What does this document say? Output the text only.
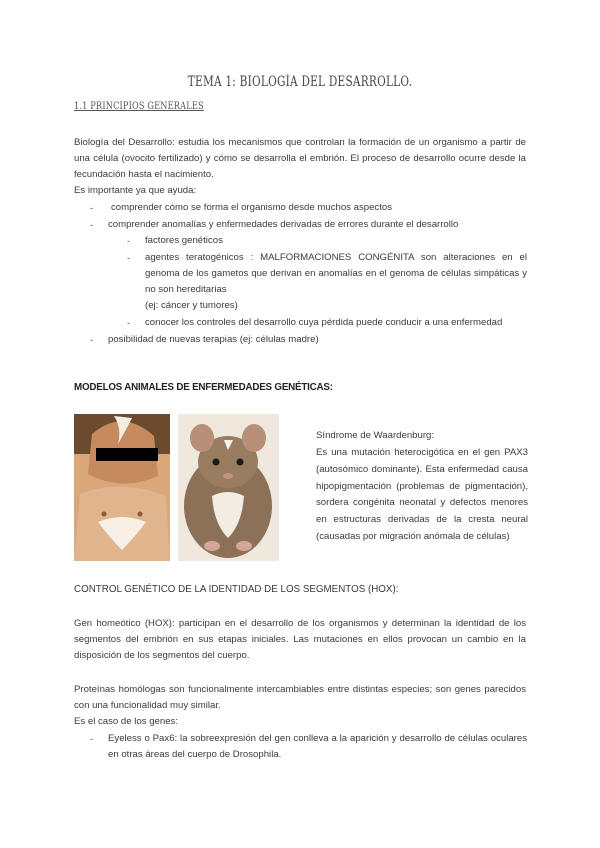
TEMA 1: BIOLOGÍA DEL DESARROLLO.
1.1 PRINCIPIOS GENERALES
Biología del Desarrollo: estudia los mecanismos que controlan la formación de un organismo a partir de una célula (ovocito fertilizado) y cómo se desarrolla el embrión. El proceso de desarrollo ocurre desde la fecundación hasta el nacimiento.
Es importante ya que ayuda:
- comprender cómo se forma el organismo desde muchos aspectos
- comprender anomalías y enfermedades derivadas de errores durante el desarrollo
- factores genéticos
- agentes teratogénicos : MALFORMACIONES CONGÉNITA son alteraciones en el genoma de los gametos que derivan en anomalías en el genoma de células simpáticas y no son hereditarias
(ej: cáncer y tumores)
- conocer los controles del desarrollo cuya pérdida puede conducir a una enfermedad
- posibilidad de nuevas terapias (ej: células madre)
MODELOS ANIMALES DE ENFERMEDADES GENÉTICAS:
Síndrome de Waardenburg:
Es una mutación heterocigótica en el gen PAX3 (autosómico dominante). Esta enfermedad causa hipopigmentación (problemas de pigmentación), sordera congénita neonatal y defectos menores en estructuras derivadas de la cresta neural (causadas por migración anómala de células)
CONTROL GENÉTICO DE LA IDENTIDAD DE LOS SEGMENTOS (HOX):
Gen homeótico (HOX): participan en el desarrollo de los organismos y determinan la identidad de los segmentos del embrión en sus etapas iniciales. Las mutaciones en ellos provocan un cambio en la disposición de los segmentos del cuerpo.
Proteínas homólogas son funcionalmente intercambiables entre distintas especies; son genes parecidos con una funcionalidad muy similar.
Es el caso de los genes:
- Eyeless o Pax6: la sobreexpresión del gen conlleva a la aparición y desarrollo de células oculares en otras áreas del cuerpo de Drosophila.
